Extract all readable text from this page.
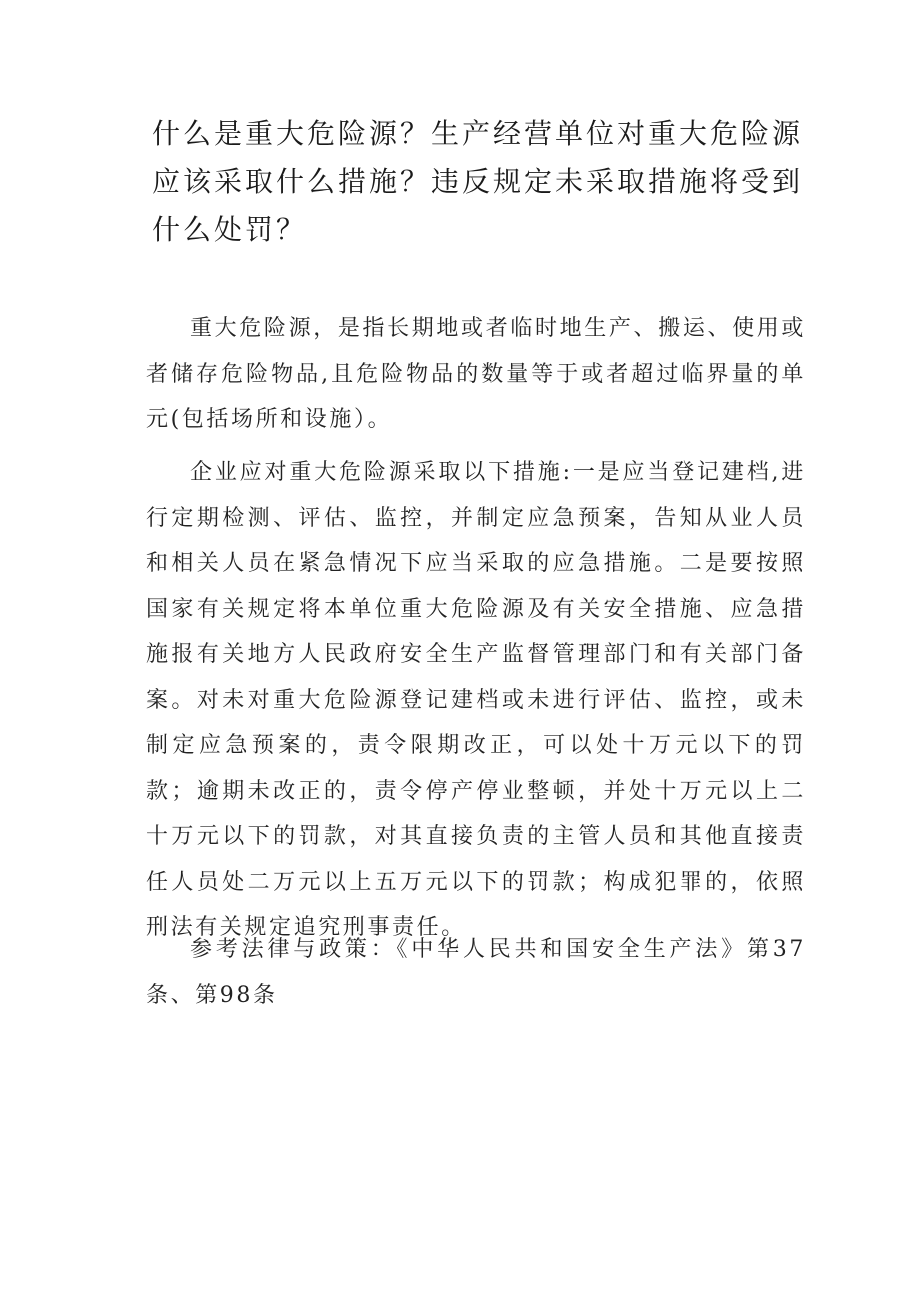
什么是重大危险源？生产经营单位对重大危险源应该采取什么措施？违反规定未采取措施将受到什么处罚？

重大危险源，是指长期地或者临时地生产、搬运、使用或者储存危险物品,且危险物品的数量等于或者超过临界量的单元(包括场所和设施）。

企业应对重大危险源采取以下措施:一是应当登记建档,进行定期检测、评估、监控，并制定应急预案，告知从业人员和相关人员在紧急情况下应当采取的应急措施。二是要按照国家有关规定将本单位重大危险源及有关安全措施、应急措施报有关地方人民政府安全生产监督管理部门和有关部门备案。对未对重大危险源登记建档或未进行评估、监控，或未制定应急预案的，责令限期改正，可以处十万元以下的罚款；逾期未改正的，责令停产停业整顿，并处十万元以上二十万元以下的罚款，对其直接负责的主管人员和其他直接责任人员处二万元以上五万元以下的罚款；构成犯罪的，依照刑法有关规定追究刑事责任。

参考法律与政策：《中华人民共和国安全生产法》第37条、第98条
